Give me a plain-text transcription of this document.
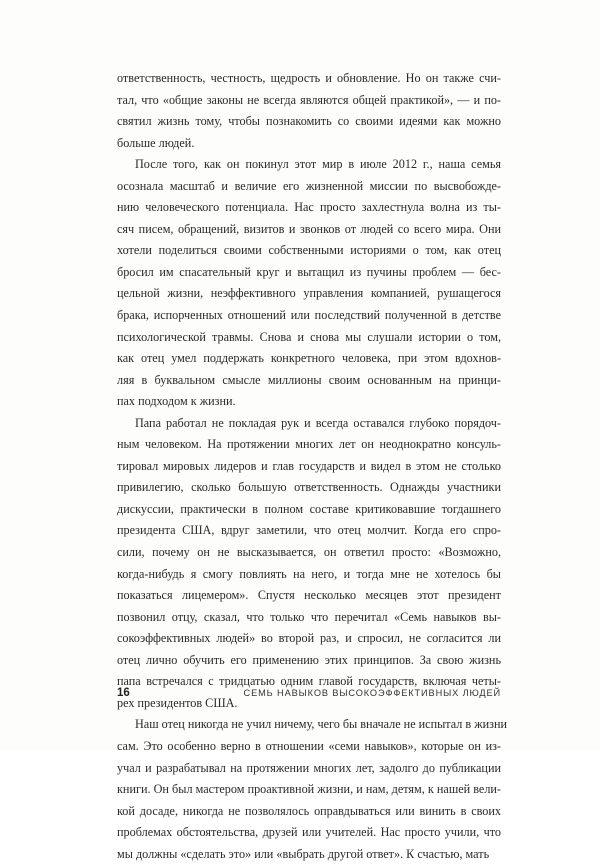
ответственность, честность, щедрость и обновление. Но он также счи-
тал, что «общие законы не всегда являются общей практикой», — и по-
святил жизнь тому, чтобы познакомить со своими идеями как можно
больше людей.
После того, как он покинул этот мир в июле 2012 г., наша семья
осознала масштаб и величие его жизненной миссии по высвобожде-
нию человеческого потенциала. Нас просто захлестнула волна из ты-
сяч писем, обращений, визитов и звонков от людей со всего мира. Они
хотели поделиться своими собственными историями о том, как отец
бросил им спасательный круг и вытащил из пучины проблем — бес-
цельной жизни, неэффективного управления компанией, рушащегося
брака, испорченных отношений или последствий полученной в детстве
психологической травмы. Снова и снова мы слушали истории о том,
как отец умел поддержать конкретного человека, при этом вдохнов-
ляя в буквальном смысле миллионы своим основанным на принци-
пах подходом к жизни.
Папа работал не покладая рук и всегда оставался глубоко порядоч-
ным человеком. На протяжении многих лет он неоднократно консуль-
тировал мировых лидеров и глав государств и видел в этом не столько
привилегию, сколько большую ответственность. Однажды участники
дискуссии, практически в полном составе критиковавшие тогдашнего
президента США, вдруг заметили, что отец молчит. Когда его спро-
сили, почему он не высказывается, он ответил просто: «Возможно,
когда-нибудь я смогу повлиять на него, и тогда мне не хотелось бы
показаться лицемером». Спустя несколько месяцев этот президент
позвонил отцу, сказал, что только что перечитал «Семь навыков вы-
сокоэффективных людей» во второй раз, и спросил, не согласится ли
отец лично обучить его применению этих принципов. За свою жизнь
папа встречался с тридцатью одним главой государств, включая четы-
рех президентов США.
Наш отец никогда не учил ничему, чего бы вначале не испытал в жизни
сам. Это особенно верно в отношении «семи навыков», которые он из-
учал и разрабатывал на протяжении многих лет, задолго до публикации
книги. Он был мастером проактивной жизни, и нам, детям, к нашей вели-
кой досаде, никогда не позволялось оправдываться или винить в своих
проблемах обстоятельства, друзей или учителей. Нас просто учили, что
мы должны «сделать это» или «выбрать другой ответ». К счастью, мать
16	СЕМЬ НАВЫКОВ ВЫСОКОЭФФЕКТИВНЫХ ЛЮДЕЙ
